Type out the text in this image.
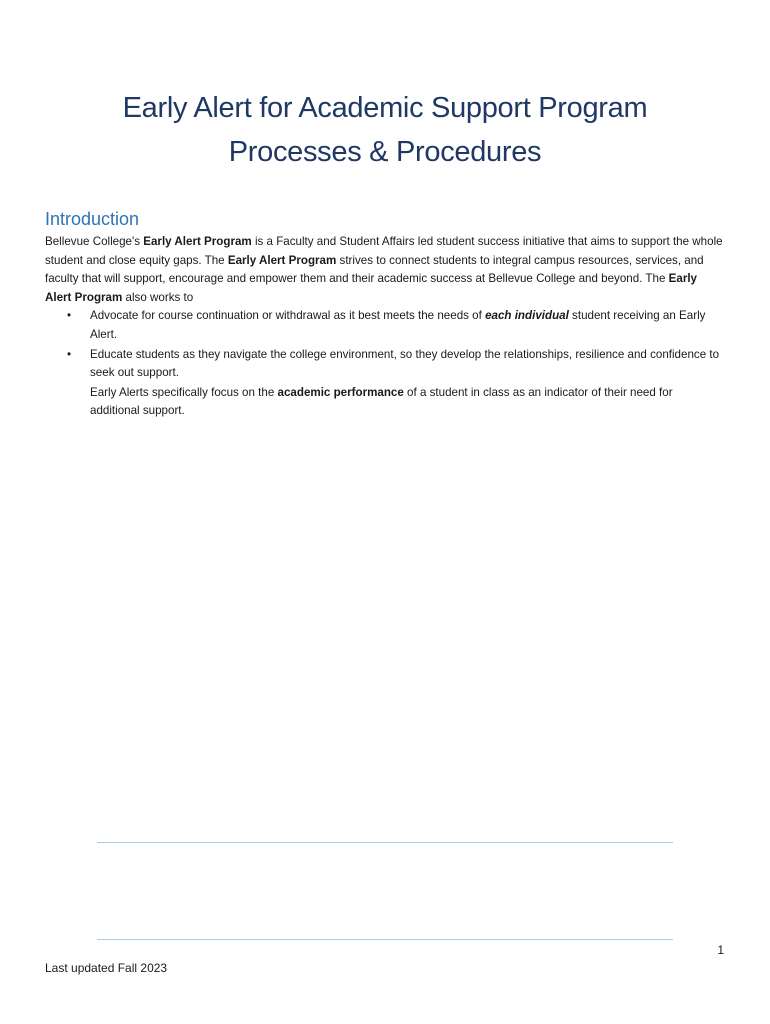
Early Alert for Academic Support Program
Processes & Procedures
Introduction

Bellevue College's Early Alert Program is a Faculty and Student Affairs led student success initiative that aims to support the whole student and close equity gaps. The Early Alert Program strives to connect students to integral campus resources, services, and faculty that will support, encourage and empower them and their academic success at Bellevue College and beyond. The Early Alert Program also works to

• Advocate for course continuation or withdrawal as it best meets the needs of each individual student receiving an Early Alert.
• Educate students as they navigate the college environment, so they develop the relationships, resilience and confidence to seek out support.

Early Alerts specifically focus on the academic performance of a student in class as an indicator of their need for additional support.

1
Last updated Fall 2023
